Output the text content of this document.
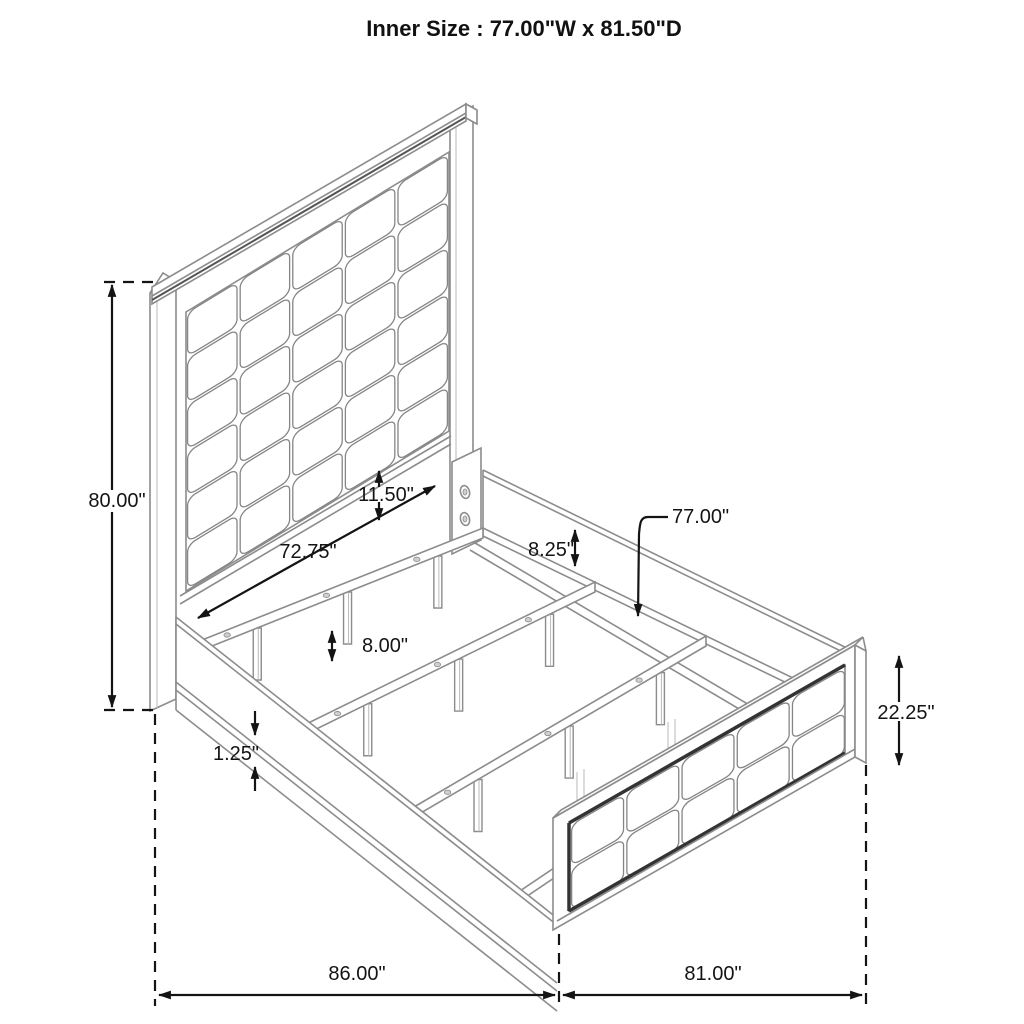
80.00"
72.75"
11.50"
8.25"
77.00"
8.00"
1.25"
22.25"
86.00"	81.00"
Inner Size : 77.00"W x 81.50"D
